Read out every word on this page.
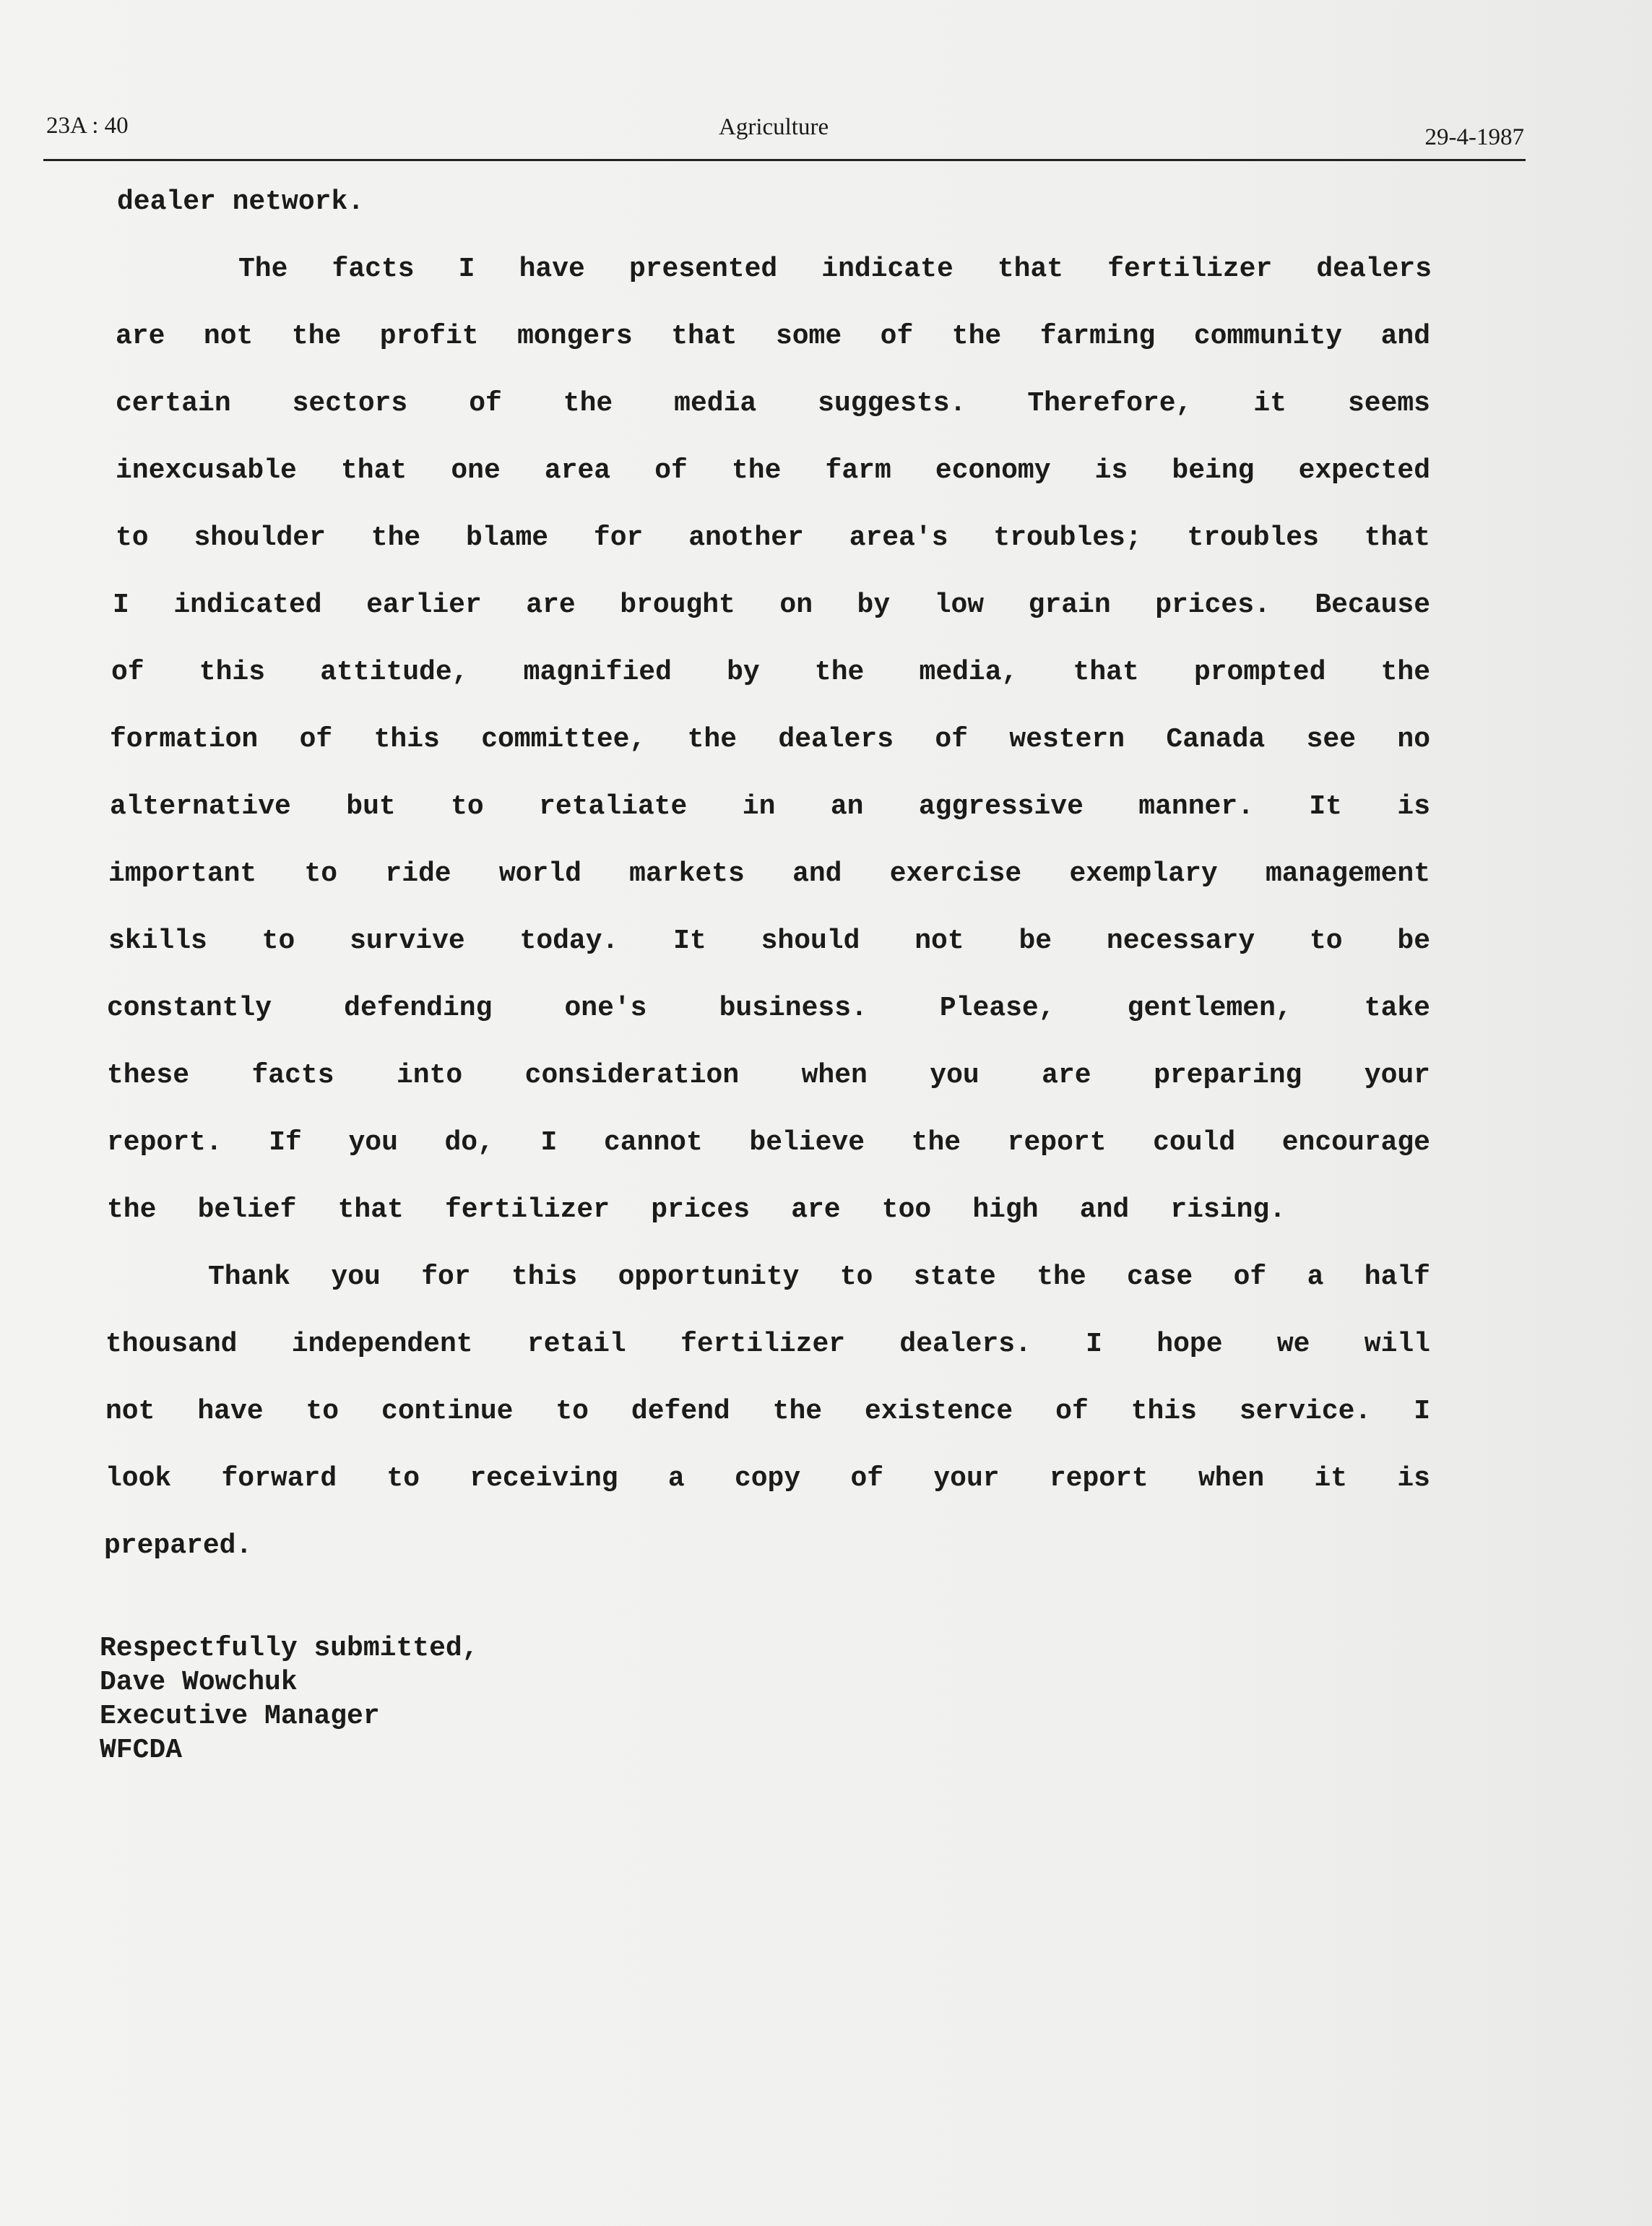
23A : 40	Agriculture	29-4-1987
dealer network.
The facts I have presented indicate that fertilizer dealers
are not the profit mongers that some of the farming community and
certain sectors of the media suggests. Therefore, it seems
inexcusable that one area of the farm economy is being expected
to shoulder the blame for another area's troubles; troubles that
I indicated earlier are brought on by low grain prices. Because
of this attitude, magnified by the media, that prompted the
formation of this committee, the dealers of western Canada see no
alternative but to retaliate in an aggressive manner. It is
important to ride world markets and exercise exemplary management
skills to survive today. It should not be necessary to be
constantly defending one's business. Please, gentlemen, take
these facts into consideration when you are preparing your
report. If you do, I cannot believe the report could encourage
the belief that fertilizer prices are too high and rising.
Thank you for this opportunity to state the case of a half
thousand independent retail fertilizer dealers. I hope we will
not have to continue to defend the existence of this service. I
look forward to receiving a copy of your report when it is
prepared.
Respectfully submitted,
Dave Wowchuk
Executive Manager
WFCDA
